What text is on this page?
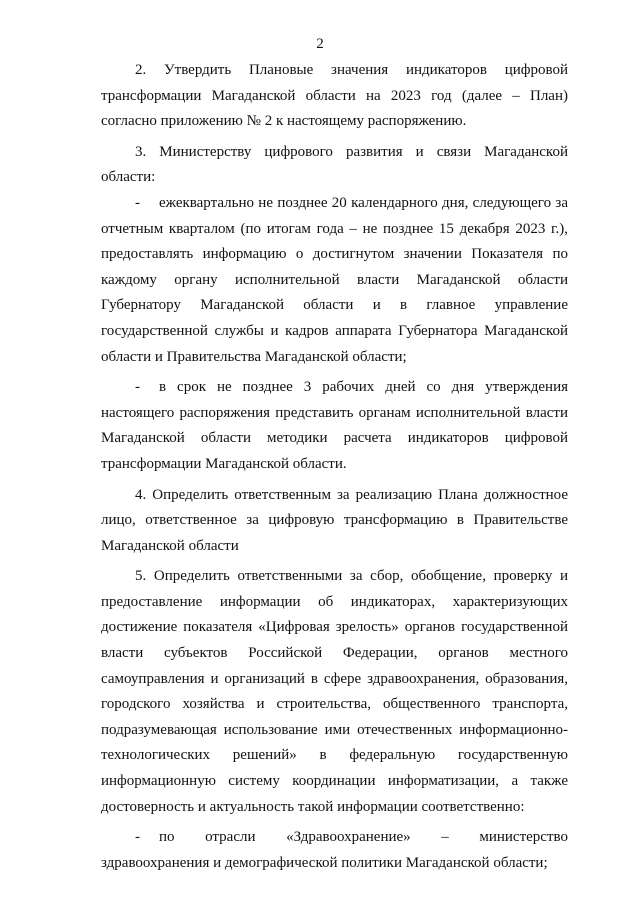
2

2. Утвердить Плановые значения индикаторов цифровой трансформации Магаданской области на 2023 год (далее – План) согласно приложению № 2 к настоящему распоряжению.

3. Министерству цифрового развития и связи Магаданской области:

- ежеквартально не позднее 20 календарного дня, следующего за отчетным кварталом (по итогам года – не позднее 15 декабря 2023 г.), предоставлять информацию о достигнутом значении Показателя по каждому органу исполнительной власти Магаданской области Губернатору Магаданской области и в главное управление государственной службы и кадров аппарата Губернатора Магаданской области и Правительства Магаданской области;

- в срок не позднее 3 рабочих дней со дня утверждения настоящего распоряжения представить органам исполнительной власти Магаданской области методики расчета индикаторов цифровой трансформации Магаданской области.

4. Определить ответственным за реализацию Плана должностное лицо, ответственное за цифровую трансформацию в Правительстве Магаданской области

5. Определить ответственными за сбор, обобщение, проверку и предоставление информации об индикаторах, характеризующих достижение показателя «Цифровая зрелость» органов государственной власти субъектов Российской Федерации, органов местного самоуправления и организаций в сфере здравоохранения, образования, городского хозяйства и строительства, общественного транспорта, подразумевающая использование ими отечественных информационно-технологических решений» в федеральную государственную информационную систему координации информатизации, а также достоверность и актуальность такой информации соответственно:

- по отрасли «Здравоохранение» – министерство здравоохранения и демографической политики Магаданской области;
